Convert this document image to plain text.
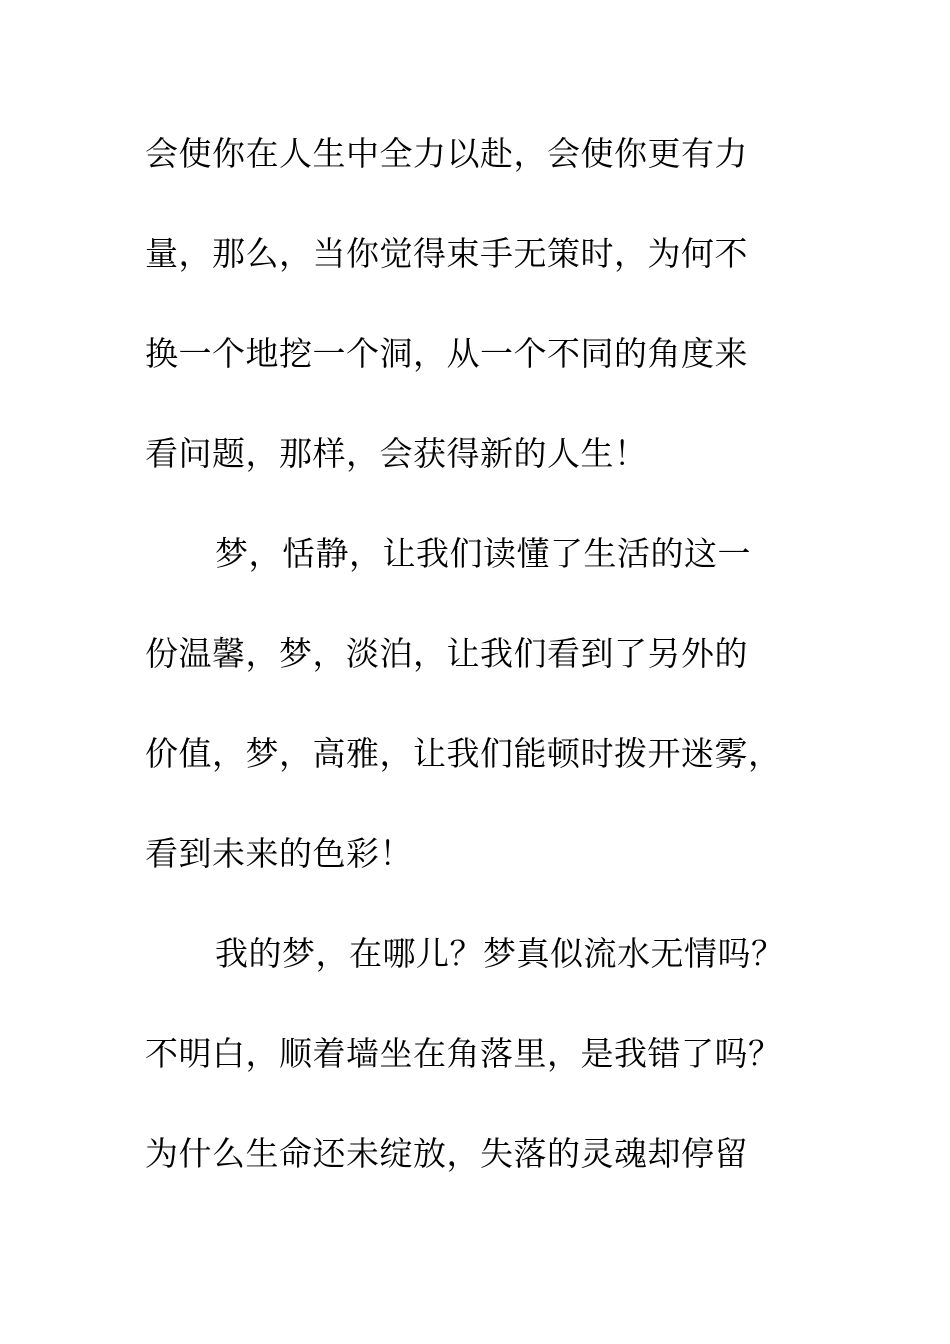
会使你在人生中全力以赴，会使你更有力
量，那么，当你觉得束手无策时，为何不
换一个地挖一个洞，从一个不同的角度来
看问题，那样，会获得新的人生！
梦，恬静，让我们读懂了生活的这一
份温馨，梦，淡泊，让我们看到了另外的
价值，梦，高雅，让我们能顿时拨开迷雾，
看到未来的色彩！
我的梦，在哪儿？梦真似流水无情吗？
不明白，顺着墙坐在角落里，是我错了吗？
为什么生命还未绽放，失落的灵魂却停留
